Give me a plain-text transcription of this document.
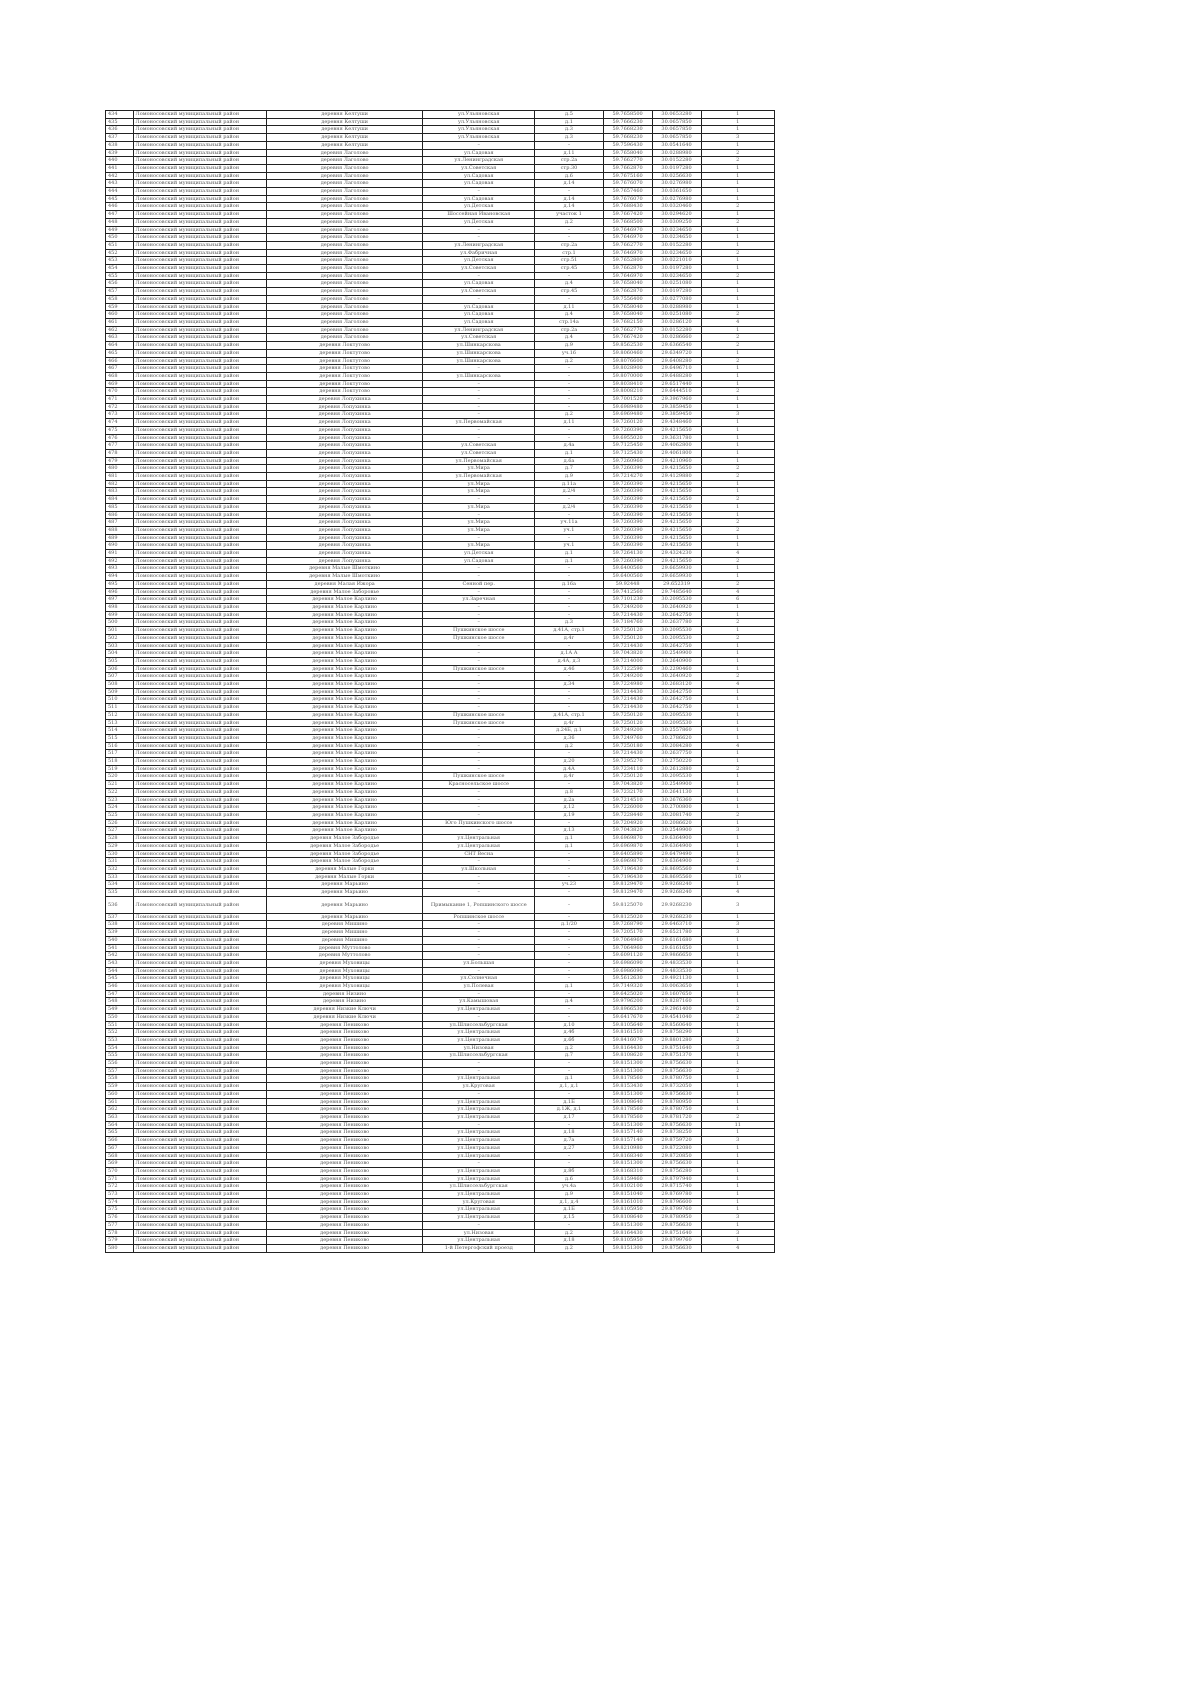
434	Ломоносовский муниципальный район	деревня Келтуши	ул.Ульяновская	д.5	59.7658500	30.0653280	1
435	Ломоносовский муниципальный район	деревня Келтуши	ул.Ульяновская	д.1	59.7666230	30.0657850	1
436	Ломоносовский муниципальный район	деревня Келтуши	ул.Ульяновская	д.3	59.7668230	30.0657850	1
437	Ломоносовский муниципальный район	деревня Келтуши	ул.Ульяновская	д.3	59.7668230	30.0657850	3
438	Ломоносовский муниципальный район	деревня Келтуши	–	–	59.7596430	30.0541640	1
439	Ломоносовский муниципальный район	деревня Лаголово	ул.Садовая	д.11	59.7658040	30.0288980	2
440	Ломоносовский муниципальный район	деревня Лаголово	ул.Ленинградская	стр.2а	59.7662770	30.0152280	2
441	Ломоносовский муниципальный район	деревня Лаголово	ул.Советская	стр.30	59.7662870	30.0197280	1
442	Ломоносовский муниципальный район	деревня Лаголово	ул.Садовая	д.6	59.7675160	30.0256630	1
443	Ломоносовский муниципальный район	деревня Лаголово	ул.Садовая	д.14	59.7676070	30.0276980	1
444	Ломоносовский муниципальный район	деревня Лаголово	–	–	59.7657460	30.0361650	1
445	Ломоносовский муниципальный район	деревня Лаголово	ул.Садовая	д.14	59.7676070	30.0276980	1
446	Ломоносовский муниципальный район	деревня Лаголово	ул.Детская	д.14	59.7688430	30.0320460	2
447	Ломоносовский муниципальный район	деревня Лаголово	Шоссейная Ивановская	участок 1	59.7667420	30.0294620	1
448	Ломоносовский муниципальный район	деревня Лаголово	ул.Детская	д.2	59.7668500	30.0309250	2
449	Ломоносовский муниципальный район	деревня Лаголово	–	–	59.7646970	30.0234650	1
450	Ломоносовский муниципальный район	деревня Лаголово	–	–	59.7646970	30.0234650	1
451	Ломоносовский муниципальный район	деревня Лаголово	ул.Ленинградская	стр.2а	59.7662770	30.0152280	1
452	Ломоносовский муниципальный район	деревня Лаголово	ул.Фабричная	стр.1	59.7646970	30.0234650	2
453	Ломоносовский муниципальный район	деревня Лаголово	ул.Детская	стр.51	59.7652800	30.0221010	1
454	Ломоносовский муниципальный район	деревня Лаголово	ул.Советская	стр.45	59.7662870	30.0197280	1
455	Ломоносовский муниципальный район	деревня Лаголово	–	–	59.7646970	30.0234650	2
456	Ломоносовский муниципальный район	деревня Лаголово	ул.Садовая	д.4	59.7658040	30.0251080	1
457	Ломоносовский муниципальный район	деревня Лаголово	ул.Советская	стр.45	59.7662870	30.0197280	1
458	Ломоносовский муниципальный район	деревня Лаголово	–	–	59.7556400	30.0277080	1
459	Ломоносовский муниципальный район	деревня Лаголово	ул.Садовая	д.11	59.7658040	30.0288980	1
460	Ломоносовский муниципальный район	деревня Лаголово	ул.Садовая	д.4	59.7658040	30.0251080	2
461	Ломоносовский муниципальный район	деревня Лаголово	ул.Садовая	стр.14а	59.7682150	30.0286120	4
462	Ломоносовский муниципальный район	деревня Лаголово	ул.Ленинградская	стр.2а	59.7662770	30.0152280	1
463	Ломоносовский муниципальный район	деревня Лаголово	ул.Советская	д.4	59.7667420	30.0286660	2
464	Ломоносовский муниципальный район	деревня Локтутово	ул.Шинкарскова	д.9	59.8562530	29.6366540	2
465	Ломоносовский муниципальный район	деревня Локтутово	ул.Шинкарскова	уч.16	59.8060460	29.6349720	1
466	Ломоносовский муниципальный район	деревня Локтутово	ул.Шинкарскова	д.2	59.8076600	29.6408280	2
467	Ломоносовский муниципальный район	деревня Локтутово	–	–	59.8028900	29.6496710	1
468	Ломоносовский муниципальный район	деревня Локтутово	ул.Шинкарскова	–	59.8070000	29.6488280	1
469	Ломоносовский муниципальный район	деревня Локтутово	–	–	59.8038410	29.6517440	1
470	Ломоносовский муниципальный район	деревня Локтутово	–	–	59.8008210	29.6444510	2
471	Ломоносовский муниципальный район	деревня Лопухинка	–	–	59.7001520	29.3967960	1
472	Ломоносовский муниципальный район	деревня Лопухинка	–	–	59.6989480	29.3859450	1
473	Ломоносовский муниципальный район	деревня Лопухинка	–	д.2	59.6969480	29.3859450	3
474	Ломоносовский муниципальный район	деревня Лопухинка	ул.Первомайская	д.11	59.7260120	29.4348460	1
475	Ломоносовский муниципальный район	деревня Лопухинка	–	–	59.7260390	29.4215650	1
476	Ломоносовский муниципальный район	деревня Лопухинка	–	–	59.6955020	29.3631780	1
477	Ломоносовский муниципальный район	деревня Лопухинка	ул.Советская	д.4а	59.7125450	29.4062800	1
478	Ломоносовский муниципальный район	деревня Лопухинка	ул.Советская	д.1	59.7125430	29.4061800	1
479	Ломоносовский муниципальный район	деревня Лопухинка	ул.Первомайская	д.6а	59.7260960	29.4210960	1
480	Ломоносовский муниципальный район	деревня Лопухинка	ул.Мира	д.7	59.7260390	29.4215650	2
481	Ломоносовский муниципальный район	деревня Лопухинка	ул.Первомайская	д.9	59.7214270	29.4129880	2
482	Ломоносовский муниципальный район	деревня Лопухинка	ул.Мира	д.11а	59.7260390	29.4215650	1
483	Ломоносовский муниципальный район	деревня Лопухинка	ул.Мира	д.2/4	59.7260390	29.4215650	1
484	Ломоносовский муниципальный район	деревня Лопухинка	–	–	59.7260390	29.4215650	2
485	Ломоносовский муниципальный район	деревня Лопухинка	ул.Мира	д.2/4	59.7260390	29.4215650	1
486	Ломоносовский муниципальный район	деревня Лопухинка	–	–	59.7260390	29.4215650	1
487	Ломоносовский муниципальный район	деревня Лопухинка	ул.Мира	уч.11а	59.7260390	29.4215650	2
488	Ломоносовский муниципальный район	деревня Лопухинка	ул.Мира	уч.1	59.7260390	29.4215650	2
489	Ломоносовский муниципальный район	деревня Лопухинка	–	–	59.7260390	29.4215650	1
490	Ломоносовский муниципальный район	деревня Лопухинка	ул.Мира	уч.1	59.7260390	29.4215650	1
491	Ломоносовский муниципальный район	деревня Лопухинка	ул.Детская	д.1	59.7264130	29.4324230	4
492	Ломоносовский муниципальный район	деревня Лопухинка	ул.Садовая	д.1	59.7260390	29.4215650	2
493	Ломоносовский муниципальный район	деревня Малые Шмоткино	–	–	59.6400560	29.6659930	1
494	Ломоносовский муниципальный район	деревня Малые Шмоткино	–	–	59.6400560	29.6659930	1
495	Ломоносовский муниципальный район	деревня Малая Ижора	Сенной пер.	д.16а	59.92448	29.652319	2
496	Ломоносовский муниципальный район	деревня Малое Заборовье	–	–	59.7412560	29.7485640	4
497	Ломоносовский муниципальный район	деревня Малое Карлино	ул.Заречная	–	59.7101230	30.2095530	6
498	Ломоносовский муниципальный район	деревня Малое Карлино	–	–	59.7249200	30.2640920	1
499	Ломоносовский муниципальный район	деревня Малое Карлино	–	–	59.7214430	30.2642750	1
500	Ломоносовский муниципальный район	деревня Малое Карлино	–	д.3	59.7184760	30.2637780	2
501	Ломоносовский муниципальный район	деревня Малое Карлино	Пушкинское шоссе	д.41А, стр.1	59.7250120	30.2095530	1
502	Ломоносовский муниципальный район	деревня Малое Карлино	Пушкинское шоссе	д.4г	59.7250120	30.2095530	2
503	Ломоносовский муниципальный район	деревня Малое Карлино	–	–	59.7214430	30.2642750	1
504	Ломоносовский муниципальный район	деревня Малое Карлино	–	д.1А А	59.7043820	30.2549900	1
505	Ломоносовский муниципальный район	деревня Малое Карлино	–	д.4А, д.3	59.7214000	30.2640900	1
506	Ломоносовский муниципальный район	деревня Малое Карлино	Пушкинское шоссе	д.46	59.7122590	30.2290460	1
507	Ломоносовский муниципальный район	деревня Малое Карлино	–	–	59.7249200	30.2640920	2
508	Ломоносовский муниципальный район	деревня Малое Карлино	–	д.34	59.7224980	30.2683120	4
509	Ломоносовский муниципальный район	деревня Малое Карлино	–	–	59.7214430	30.2642750	1
510	Ломоносовский муниципальный район	деревня Малое Карлино	–	–	59.7214430	30.2642750	1
511	Ломоносовский муниципальный район	деревня Малое Карлино	–	–	59.7214430	30.2642750	1
512	Ломоносовский муниципальный район	деревня Малое Карлино	Пушкинское шоссе	д.41А, стр.1	59.7250120	30.2095530	1
513	Ломоносовский муниципальный район	деревня Малое Карлино	Пушкинское шоссе	д.4г	59.7250120	30.2095530	1
514	Ломоносовский муниципальный район	деревня Малое Карлино	–	д.24Б, д.1	59.7249200	30.2557860	1
515	Ломоносовский муниципальный район	деревня Малое Карлино	–	д.36	59.7249760	30.2786620	1
516	Ломоносовский муниципальный район	деревня Малое Карлино	–	д.2	59.7250180	30.2084280	4
517	Ломоносовский муниципальный район	деревня Малое Карлино	–	–	59.7214430	30.2637750	1
518	Ломоносовский муниципальный район	деревня Малое Карлино	–	д.20	59.7295270	30.2750220	1
519	Ломоносовский муниципальный район	деревня Малое Карлино	–	д.4А	59.7234110	30.2612880	2
520	Ломоносовский муниципальный район	деревня Малое Карлино	Пушкинское шоссе	д.4г	59.7250120	30.2095530	1
521	Ломоносовский муниципальный район	деревня Малое Карлино	Красносельское шоссе	–	59.7043820	30.2549900	1
522	Ломоносовский муниципальный район	деревня Малое Карлино	–	д.8	59.7232170	30.2641130	1
523	Ломоносовский муниципальный район	деревня Малое Карлино	–	д.2а	59.7214510	30.2676360	1
524	Ломоносовский муниципальный район	деревня Малое Карлино	–	д.12	59.7226000	30.2700800	1
525	Ломоносовский муниципальный район	деревня Малое Карлино	–	д.19	59.7228440	30.2081740	2
526	Ломоносовский муниципальный район	деревня Малое Карлино	Юго Пушкинского шоссе	–	59.7204920	30.2086620	1
527	Ломоносовский муниципальный район	деревня Малое Карлино	–	д.13	59.7043820	30.2549900	3
528	Ломоносовский муниципальный район	деревня Малое Забородье	ул.Центральная	д.1	59.6969870	29.6364900	1
529	Ломоносовский муниципальный район	деревня Малое Забородье	ул.Центральная	д.1	59.6969870	29.6364900	1
530	Ломоносовский муниципальный район	деревня Малое Забородье	СНТ Весна	–	59.6405890	29.6479490	1
531	Ломоносовский муниципальный район	деревня Малое Забородье	–	–	59.6969870	29.6364900	2
532	Ломоносовский муниципальный район	деревня Малые Горки	ул.Школьная	–	59.7196430	28.8695560	1
533	Ломоносовский муниципальный район	деревня Малые Горки	–	–	59.7196430	28.8695560	10
534	Ломоносовский муниципальный район	деревня Марьино	–	уч.23	59.8129470	29.9268240	1
535	Ломоносовский муниципальный район	деревня Марьино	–	–	59.8129470	29.9268240	4
536	Ломоносовский муниципальный район	деревня Марьино	Примыкание 1, Ропшинского шоссе	–	59.8125070	29.9268230	3
537	Ломоносовский муниципальный район	деревня Марьино	Ропшинское шоссе	–	59.8125020	29.9268230	1
538	Ломоносовский муниципальный район	деревня Мишино	–	д.1/20	59.7268790	29.6463710	3
539	Ломоносовский муниципальный район	деревня Мишино	–	–	59.7205170	29.6521780	3
540	Ломоносовский муниципальный район	деревня Мишино	–	–	59.7064960	29.6161680	1
541	Ломоносовский муниципальный район	деревня Муттолово	–	–	59.7064960	29.6161650	1
542	Ломоносовский муниципальный район	деревня Муттолово	–	–	59.6091120	29.9866650	1
543	Ломоносовский муниципальный район	деревня Муховицы	ул.Большая	–	59.6986090	29.4833530	1
544	Ломоносовский муниципальный район	деревня Муховицы	–	–	59.6986090	29.4833530	1
545	Ломоносовский муниципальный район	деревня Муховицы	ул.Солнечная	–	59.5612630	29.4921130	1
546	Ломоносовский муниципальный район	деревня Муховицы	ул.Полевая	д.1	59.7149320	30.0063650	1
547	Ломоносовский муниципальный район	деревня Низино	–	–	59.6425020	29.1607650	1
548	Ломоносовский муниципальный район	деревня Низино	ул.Камышовая	д.4	59.9796200	29.8287160	1
549	Ломоносовский муниципальный район	деревня Низкие Ключи	ул.Центральная	–	59.8966530	29.2961400	2
550	Ломоносовский муниципальный район	деревня Низкие Ключи	–	–	59.6417670	29.4541040	2
551	Ломоносовский муниципальный район	деревня Пениково	ул.Шлиссельбургская	д.10	59.8105640	29.8560640	1
552	Ломоносовский муниципальный район	деревня Пениково	ул.Центральная	д.4б	59.8161510	29.8758290	1
553	Ломоносовский муниципальный район	деревня Пениково	ул.Центральная	д.6б	59.8416070	29.8801280	2
554	Ломоносовский муниципальный район	деревня Пениково	ул.Низовая	д.2	59.8164430	29.8751640	3
555	Ломоносовский муниципальный район	деревня Пениково	ул.Шлиссельбургская	д.7	59.8108620	29.8751370	1
556	Ломоносовский муниципальный район	деревня Пениково	–	–	59.8151300	29.8756630	1
557	Ломоносовский муниципальный район	деревня Пениково	–	–	59.8151300	29.8756630	2
558	Ломоносовский муниципальный район	деревня Пениково	ул.Центральная	д.1	59.8178560	29.8780750	1
559	Ломоносовский муниципальный район	деревня Пениково	ул.Круговая	д.1, д.1	59.8153430	29.8732050	1
560	Ломоносовский муниципальный район	деревня Пениково	–	–	59.8151300	29.8756630	1
561	Ломоносовский муниципальный район	деревня Пениково	ул.Центральная	д.1Б	59.8108640	29.8780950	1
562	Ломоносовский муниципальный район	деревня Пениково	ул.Центральная	д.1Ж, д.1	59.8178560	29.8780750	1
563	Ломоносовский муниципальный район	деревня Пениково	ул.Центральная	д.17	59.8178560	29.8781720	2
564	Ломоносовский муниципальный район	деревня Пениково	–	–	59.8151300	29.8756630	11
565	Ломоносовский муниципальный район	деревня Пениково	ул.Центральная	д.18	59.8157140	29.8738250	1
566	Ломоносовский муниципальный район	деревня Пениково	ул.Центральная	д.7а	59.8157140	29.8759720	3
567	Ломоносовский муниципальный район	деревня Пениково	ул.Центральная	д.27	59.8210980	29.8722080	1
568	Ломоносовский муниципальный район	деревня Пениково	ул.Центральная	–	59.8168340	29.8720850	1
569	Ломоносовский муниципальный район	деревня Пениково	–	–	59.8151300	29.8756630	1
570	Ломоносовский муниципальный район	деревня Пениково	ул.Центральная	д.8б	59.8168310	29.8756280	1
571	Ломоносовский муниципальный район	деревня Пениково	ул.Центральная	д.6	59.8159460	29.8797940	1
572	Ломоносовский муниципальный район	деревня Пениково	ул.Шлиссельбургская	уч.4а	59.8102100	29.8715740	1
573	Ломоносовский муниципальный район	деревня Пениково	ул.Центральная	д.9	59.8151040	29.8769780	1
574	Ломоносовский муниципальный район	деревня Пениково	ул.Круговая	д.1, д.4	59.8161010	29.8796600	1
575	Ломоносовский муниципальный район	деревня Пениково	ул.Центральная	д.1Б	59.8105950	29.8799760	1
576	Ломоносовский муниципальный район	деревня Пениково	ул.Центральная	д.15	59.8108640	29.8780950	3
577	Ломоносовский муниципальный район	деревня Пениково	–	–	59.8151300	29.8756630	1
578	Ломоносовский муниципальный район	деревня Пениково	ул.Низовая	д.2	59.8164430	29.8751640	3
579	Ломоносовский муниципальный район	деревня Пениково	ул.Центральная	д.18	59.8105950	29.8799760	1
580	Ломоносовский муниципальный район	деревня Пениково	1-й Петергофский проезд	д.2	59.8151300	29.8756630	4
